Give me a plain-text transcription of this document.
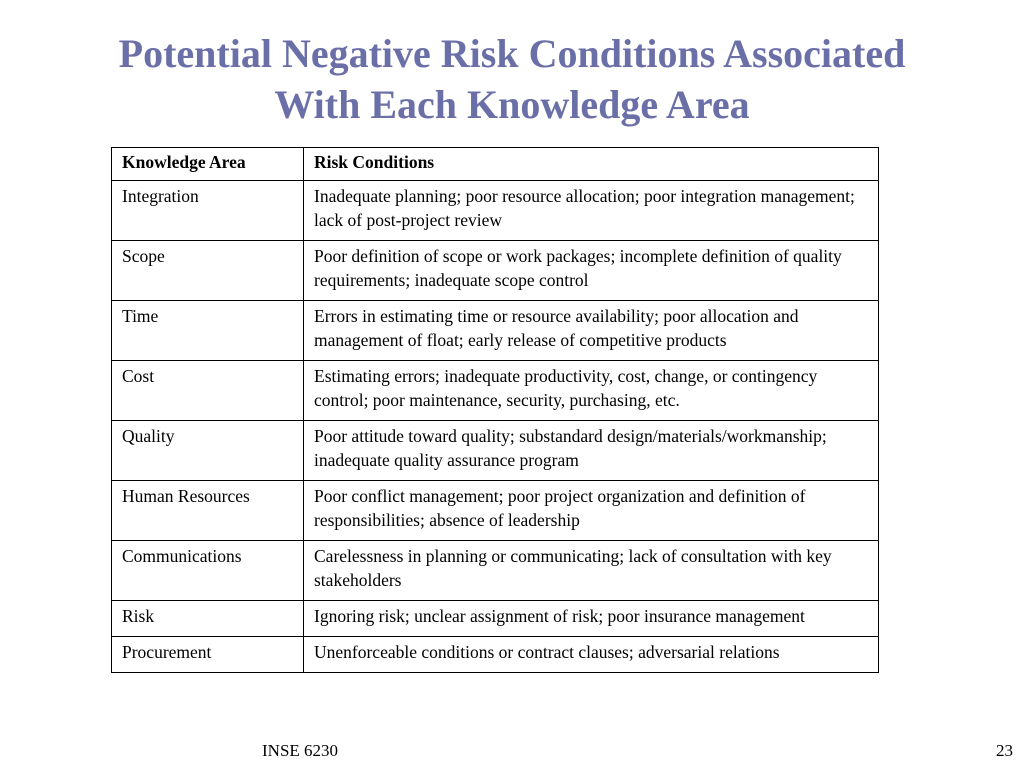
Potential Negative Risk Conditions Associated
With Each Knowledge Area
Knowledge Area	Risk Conditions
Integration	Inadequate planning; poor resource allocation; poor integration management; lack of post-project review
Scope	Poor definition of scope or work packages; incomplete definition of quality requirements; inadequate scope control
Time	Errors in estimating time or resource availability; poor allocation and management of float; early release of competitive products
Cost	Estimating errors; inadequate productivity, cost, change, or contingency control; poor maintenance, security, purchasing, etc.
Quality	Poor attitude toward quality; substandard design/materials/workmanship; inadequate quality assurance program
Human Resources	Poor conflict management; poor project organization and definition of responsibilities; absence of leadership
Communications	Carelessness in planning or communicating; lack of consultation with key stakeholders
Risk	Ignoring risk; unclear assignment of risk; poor insurance management
Procurement	Unenforceable conditions or contract clauses; adversarial relations
INSE 6230	23
